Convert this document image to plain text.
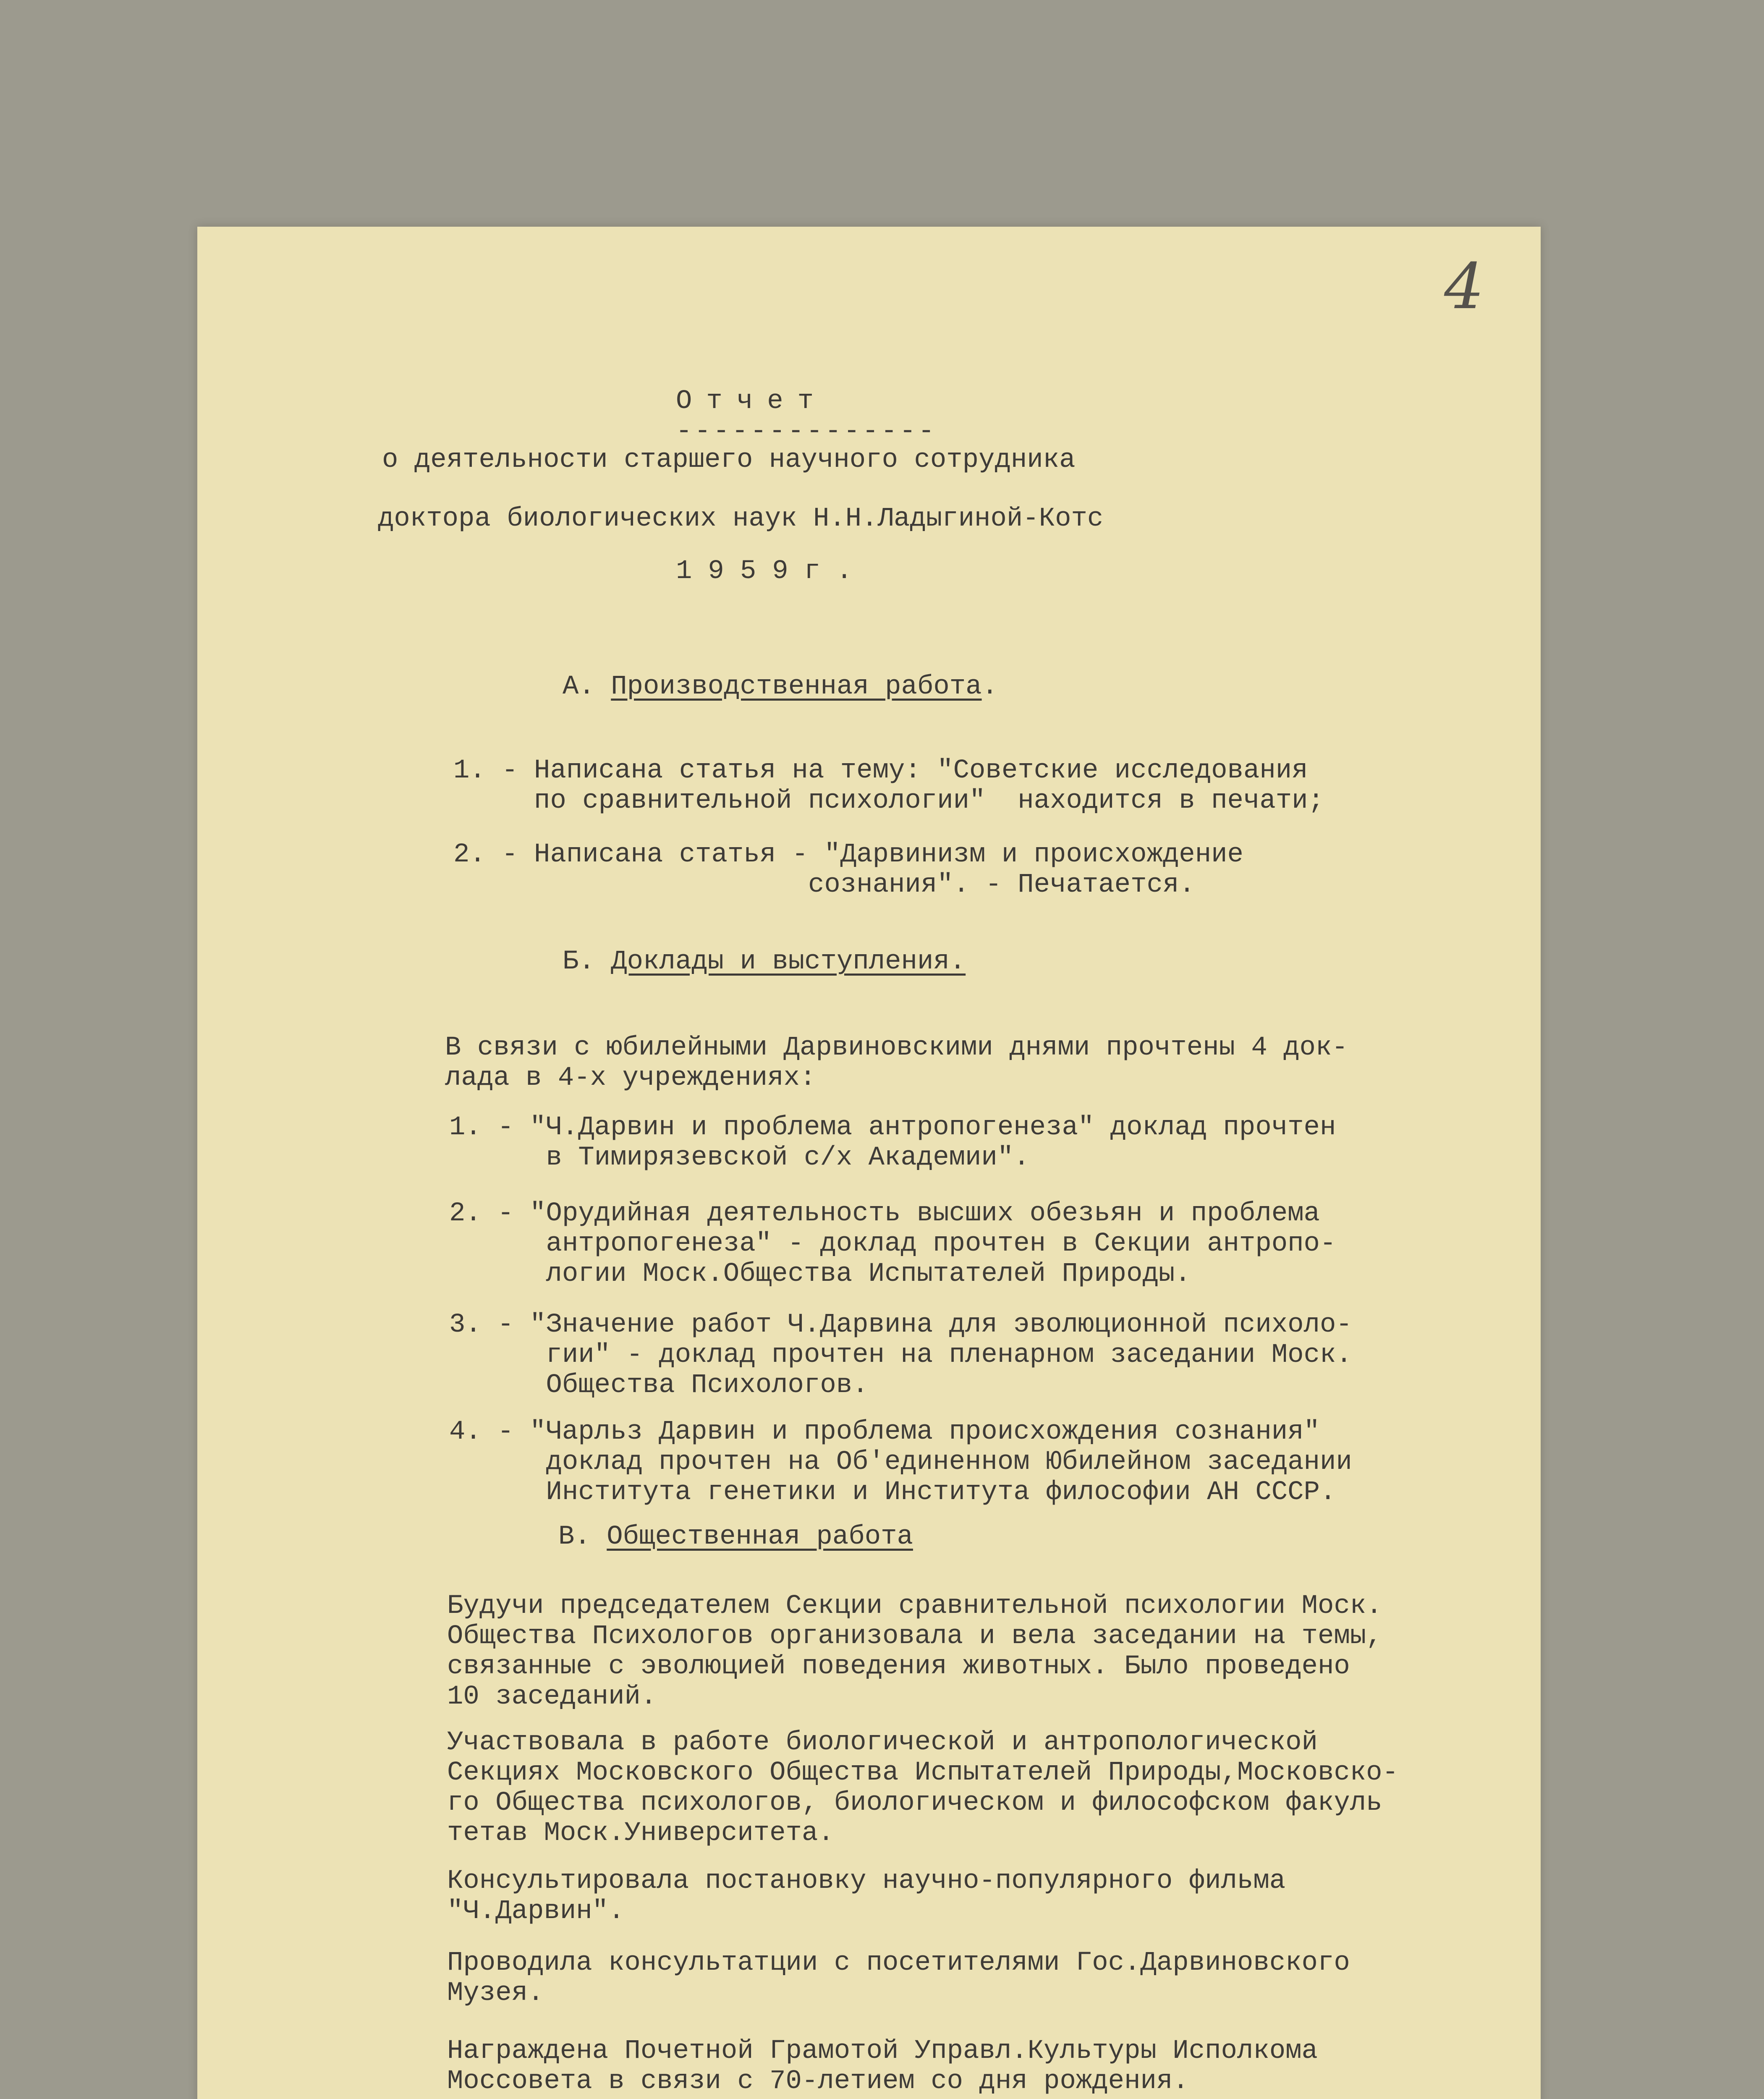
4
Отчет
--------------
о деятельности старшего научного сотрудника
доктора биологических наук Н.Н.Ладыгиной-Котс
1959г.
А. Производственная работа.
1. - Написана статья на тему: "Советские исследования
по сравнительной психологии"  находится в печати;
2. - Написана статья - "Дарвинизм и происхождение
сознания". - Печатается.
Б. Доклады и выступления.
В связи с юбилейными Дарвиновскими днями прочтены 4 док-
лада в 4-х учреждениях:
1. - "Ч.Дарвин и проблема антропогенеза" доклад прочтен
в Тимирязевской с/х Академии".
2. - "Орудийная деятельность высших обезьян и проблема
антропогенеза" - доклад прочтен в Секции антропо-
логии Моск.Общества Испытателей Природы.
3. - "Значение работ Ч.Дарвина для эволюционной психоло-
гии" - доклад прочтен на пленарном заседании Моск.
Общества Психологов.
4. - "Чарльз Дарвин и проблема происхождения сознания"
доклад прочтен на Об'единенном Юбилейном заседании
Института генетики и Института философии АН СССР.
В. Общественная работа
Будучи председателем Секции сравнительной психологии Моск.
Общества Психологов организовала и вела заседании на темы,
связанные с эволюцией поведения животных. Было проведено
10 заседаний.
Участвовала в работе биологической и антропологической
Секциях Московского Общества Испытателей Природы,Московско-
го Общества психологов, биологическом и философском факуль
тетав Моск.Университета.
Консультировала постановку научно-популярного фильма
"Ч.Дарвин".
Проводила консультатции с посетителями Гос.Дарвиновского
Музея.
Награждена Почетной Грамотой Управл.Культуры Исполкома
Моссовета в связи с 70-летием со дня рождения.
